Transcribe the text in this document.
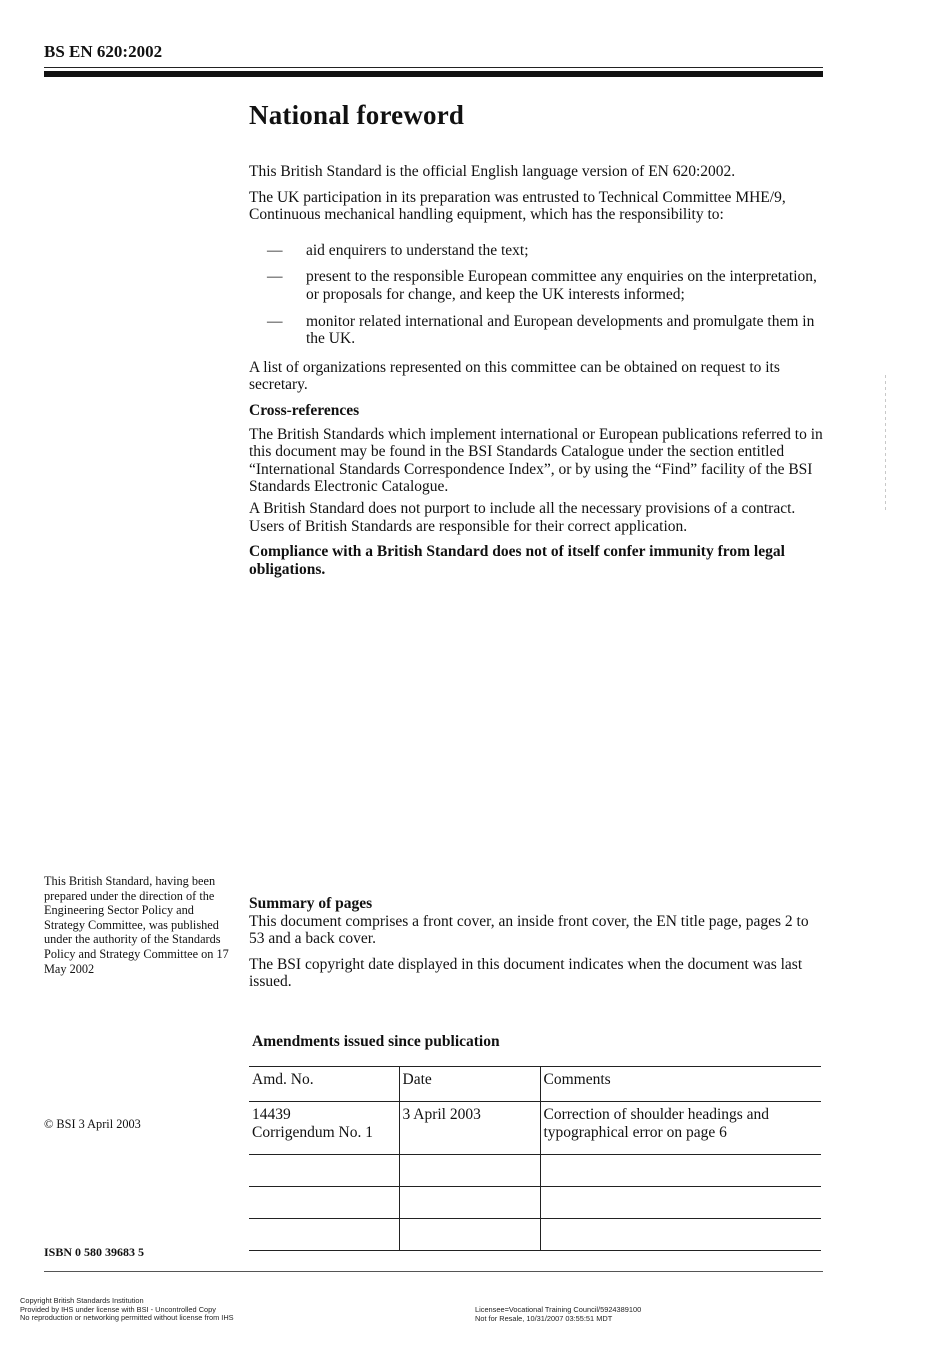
BS EN 620:2002
National foreword

This British Standard is the official English language version of EN 620:2002.

The UK participation in its preparation was entrusted to Technical Committee MHE/9, Continuous mechanical handling equipment, which has the responsibility to:

— aid enquirers to understand the text;
— present to the responsible European committee any enquiries on the interpretation, or proposals for change, and keep the UK interests informed;
— monitor related international and European developments and promulgate them in the UK.

A list of organizations represented on this committee can be obtained on request to its secretary.

Cross-references

The British Standards which implement international or European publications referred to in this document may be found in the BSI Standards Catalogue under the section entitled “International Standards Correspondence Index”, or by using the “Find” facility of the BSI Standards Electronic Catalogue.

A British Standard does not purport to include all the necessary provisions of a contract. Users of British Standards are responsible for their correct application.

Compliance with a British Standard does not of itself confer immunity from legal obligations.

This British Standard, having been prepared under the direction of the Engineering Sector Policy and Strategy Committee, was published under the authority of the Standards Policy and Strategy Committee on 17 May 2002

Summary of pages

This document comprises a front cover, an inside front cover, the EN title page, pages 2 to 53 and a back cover.

The BSI copyright date displayed in this document indicates when the document was last issued.

Amendments issued since publication
Amd. No.	Date	Comments
14439
Corrigendum No. 1	3 April 2003	Correction of shoulder headings and typographical error on page 6

© BSI 3 April 2003
ISBN 0 580 39683 5
Copyright British Standards Institution
Provided by IHS under license with BSI - Uncontrolled Copy
No reproduction or networking permitted without license from IHS
Licensee=Vocational Training Council/5924389100
Not for Resale, 10/31/2007 03:55:51 MDT
